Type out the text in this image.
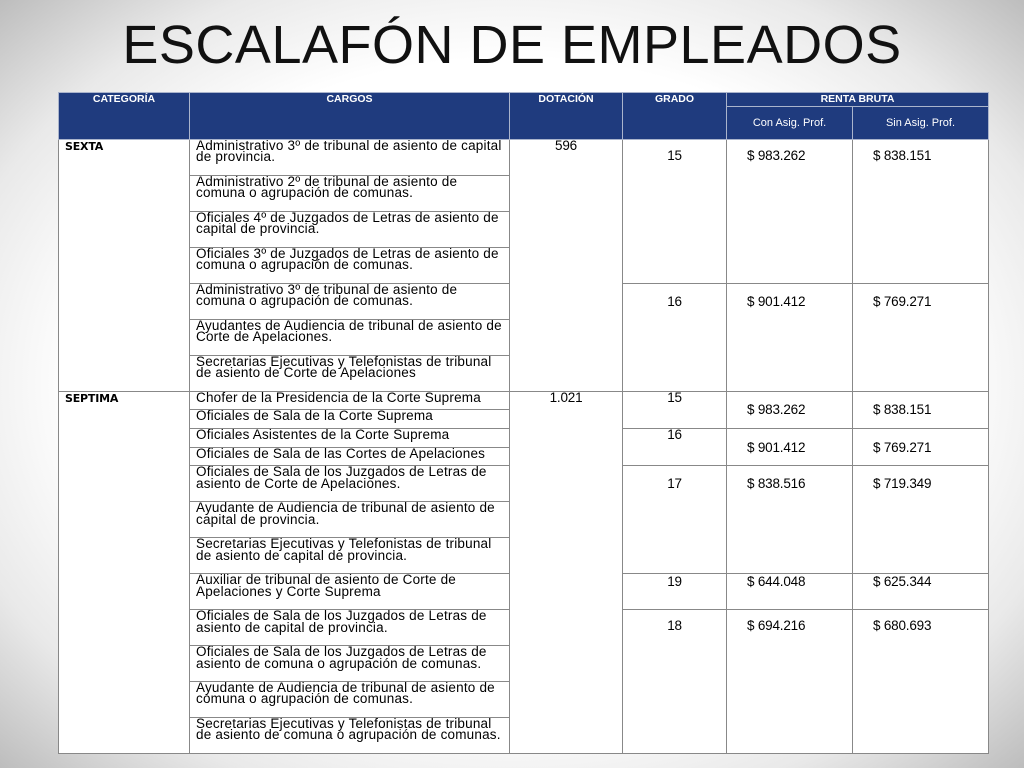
ESCALAFÓN DE EMPLEADOS
CATEGORÍA	CARGOS	DOTACIÓN	GRADO	RENTA BRUTA	
				Con Asig. Prof.	Sin Asig. Prof.
SEXTA	Administrativo 3º de tribunal de asiento de capital de provincia.	596	15	$ 983.262	$ 838.151
	Administrativo 2º de tribunal de asiento de comuna o agrupación de comunas.				
	Oficiales 4º de Juzgados de Letras de asiento de capital de provincia.				
	Oficiales 3º de Juzgados de Letras de asiento de comuna o agrupación de comunas.				
	Administrativo 3º de tribunal de asiento de comuna o agrupación de comunas.		16	$ 901.412	$ 769.271
	Ayudantes de Audiencia de tribunal de asiento de Corte de Apelaciones.				
	Secretarias Ejecutivas y Telefonistas de tribunal de asiento de Corte de Apelaciones				
SEPTIMA	Chofer de la Presidencia de la Corte Suprema	1.021	15	$ 983.262	$ 838.151
	Oficiales de Sala de la Corte Suprema				
	Oficiales Asistentes de la Corte Suprema		16	$ 901.412	$ 769.271
	Oficiales de Sala de las Cortes de Apelaciones				
	Oficiales de Sala de los Juzgados de Letras de asiento de Corte de Apelaciones.		17	$ 838.516	$ 719.349
	Ayudante de Audiencia de tribunal de asiento de capital de provincia.				
	Secretarias Ejecutivas y Telefonistas de tribunal de asiento de capital de provincia.				
	Auxiliar de tribunal de asiento de Corte de Apelaciones y Corte Suprema		19	$ 644.048	$ 625.344
	Oficiales de Sala de los Juzgados de Letras de asiento de capital de provincia.		18	$ 694.216	$ 680.693
	Oficiales de Sala de los Juzgados de Letras de asiento de comuna o agrupación de comunas.				
	Ayudante de Audiencia de tribunal de asiento de comuna o agrupación de comunas.				
	Secretarias Ejecutivas y Telefonistas de tribunal de asiento de comuna o agrupación de comunas.				
